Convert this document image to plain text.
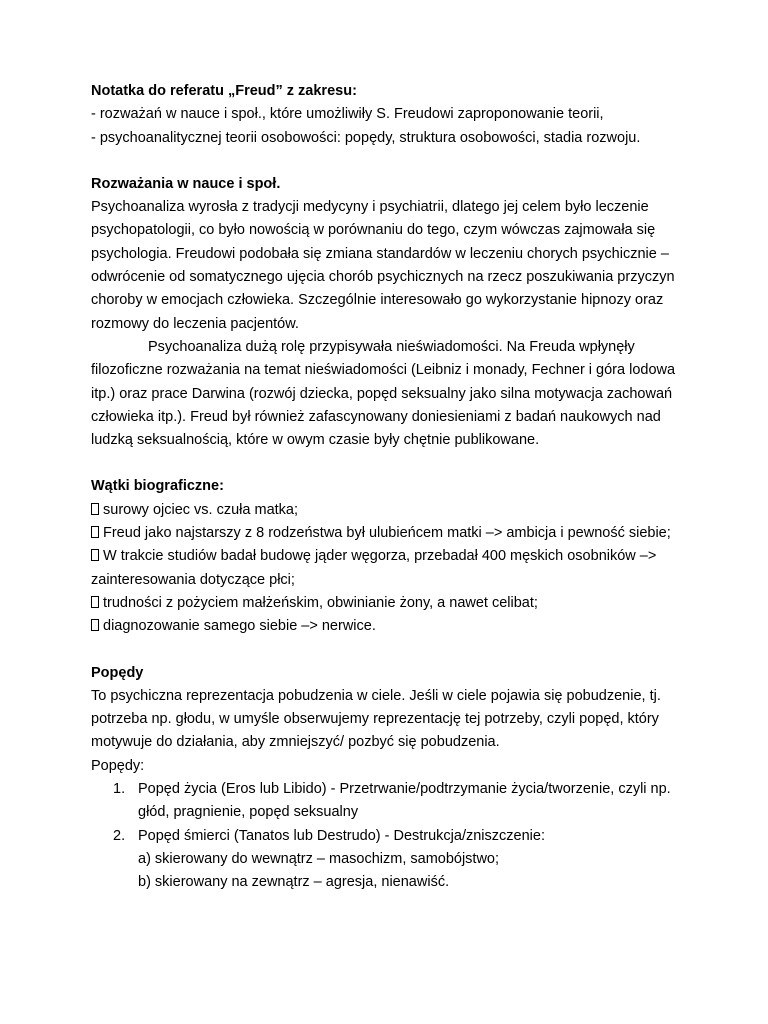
Notatka do referatu „Freud” z zakresu:

- rozważań w nauce i społ., które umożliwiły S. Freudowi zaproponowanie teorii,

- psychoanalitycznej teorii osobowości: popędy, struktura osobowości, stadia rozwoju.

Rozważania w nauce i społ.

Psychoanaliza wyrosła z tradycji medycyny i psychiatrii, dlatego jej celem było leczenie

psychopatologii, co było nowością w porównaniu do tego, czym wówczas zajmowała się

psychologia. Freudowi podobała się zmiana standardów w leczeniu chorych psychicznie –

odwrócenie od somatycznego ujęcia chorób psychicznych na rzecz poszukiwania przyczyn

choroby w emocjach człowieka. Szczególnie interesowało go wykorzystanie hipnozy oraz

rozmowy do leczenia pacjentów.

Psychoanaliza dużą rolę przypisywała nieświadomości. Na Freuda wpłynęły

filozoficzne rozważania na temat nieświadomości (Leibniz i monady, Fechner i góra lodowa

itp.) oraz prace Darwina (rozwój dziecka, popęd seksualny jako silna motywacja zachowań

człowieka itp.). Freud był również zafascynowany doniesieniami z badań naukowych nad

ludzką seksualnością, które w owym czasie były chętnie publikowane.

Wątki biograficzne:

surowy ojciec vs. czuła matka;

Freud jako najstarszy z 8 rodzeństwa był ulubieńcem matki –> ambicja i pewność siebie;

W trakcie studiów badał budowę jąder węgorza, przebadał 400 męskich osobników –>

zainteresowania dotyczące płci;

trudności z pożyciem małżeńskim, obwinianie żony, a nawet celibat;

diagnozowanie samego siebie –> nerwice.

Popędy

To psychiczna reprezentacja pobudzenia w ciele. Jeśli w ciele pojawia się pobudzenie, tj.

potrzeba np. głodu, w umyśle obserwujemy reprezentację tej potrzeby, czyli popęd, który

motywuje do działania, aby zmniejszyć/ pozbyć się pobudzenia.

Popędy:

1. Popęd życia (Eros lub Libido) - Przetrwanie/podtrzymanie życia/tworzenie, czyli np.

głód, pragnienie, popęd seksualny

2. Popęd śmierci (Tanatos lub Destrudo) - Destrukcja/zniszczenie:

a) skierowany do wewnątrz – masochizm, samobójstwo;

b) skierowany na zewnątrz – agresja, nienawiść.
